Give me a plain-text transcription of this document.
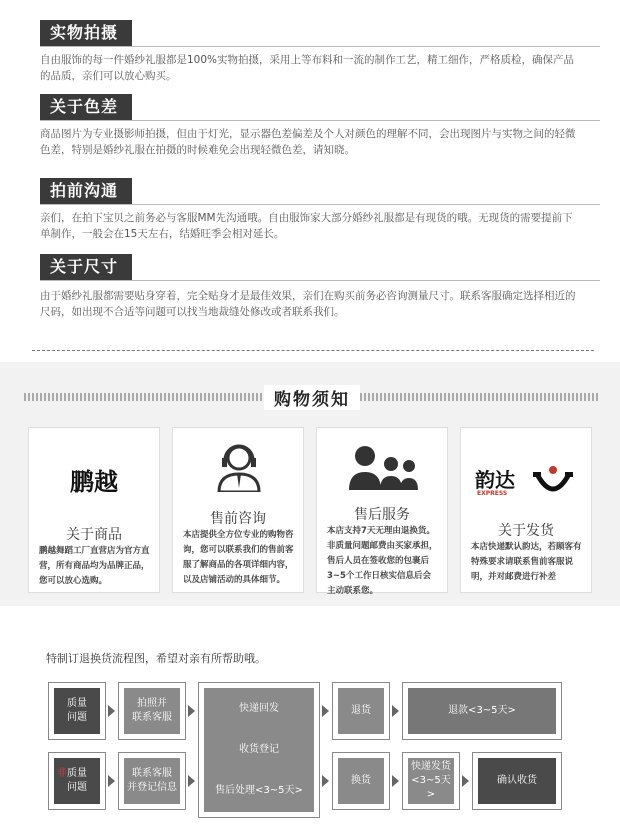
实物拍摄
自由服饰的每一件婚纱礼服都是100%实物拍摄，采用上等布料和一流的制作工艺，精工细作，严格质检，确保产品的品质，亲们可以放心购买。
关于色差
商品图片为专业摄影师拍摄，但由于灯光，显示器色差偏差及个人对颜色的理解不同，会出现图片与实物之间的轻微色差，特别是婚纱礼服在拍摄的时候难免会出现轻微色差，请知晓。
拍前沟通
亲们，在拍下宝贝之前务必与客服MM先沟通哦。自由服饰家大部分婚纱礼服都是有现货的哦。无现货的需要提前下单制作，一般会在15天左右，结婚旺季会相对延长。
关于尺寸
由于婚纱礼服都需要贴身穿着，完全贴身才是最佳效果，亲们在购买前务必咨询测量尺寸。联系客服确定选择相近的尺码，如出现不合适等问题可以找当地裁缝处修改或者联系我们。
购物须知
鹏越
关于商品
鹏越舞蹈工厂直营店为官方直营，所有商品均为品牌正品，您可以放心选购。
售前咨询
本店提供全方位专业的购物咨询，您可以联系我们的售前客服了解商品的各项详细内容，以及店铺活动的具体细节。
售后服务
本店支持7天无理由退换货。非质量问题邮费由买家承担，售后人员在签收您的包裹后3~5个工作日核实信息后会主动联系您。
韵达
EXPRESS
关于发货
本店快递默认韵达，若顾客有特殊要求请联系售前客服说明，并对邮费进行补差
特制订退换货流程图，希望对亲有所帮助哦。
质量
问题
拍照并
联系客服
快递回发
收货登记
售后处理<3~5天>
退货	退款<3~5天>
非 质量
问题
联系客服
并登记信息
换货
快递发货
<3~5天>
确认收货
